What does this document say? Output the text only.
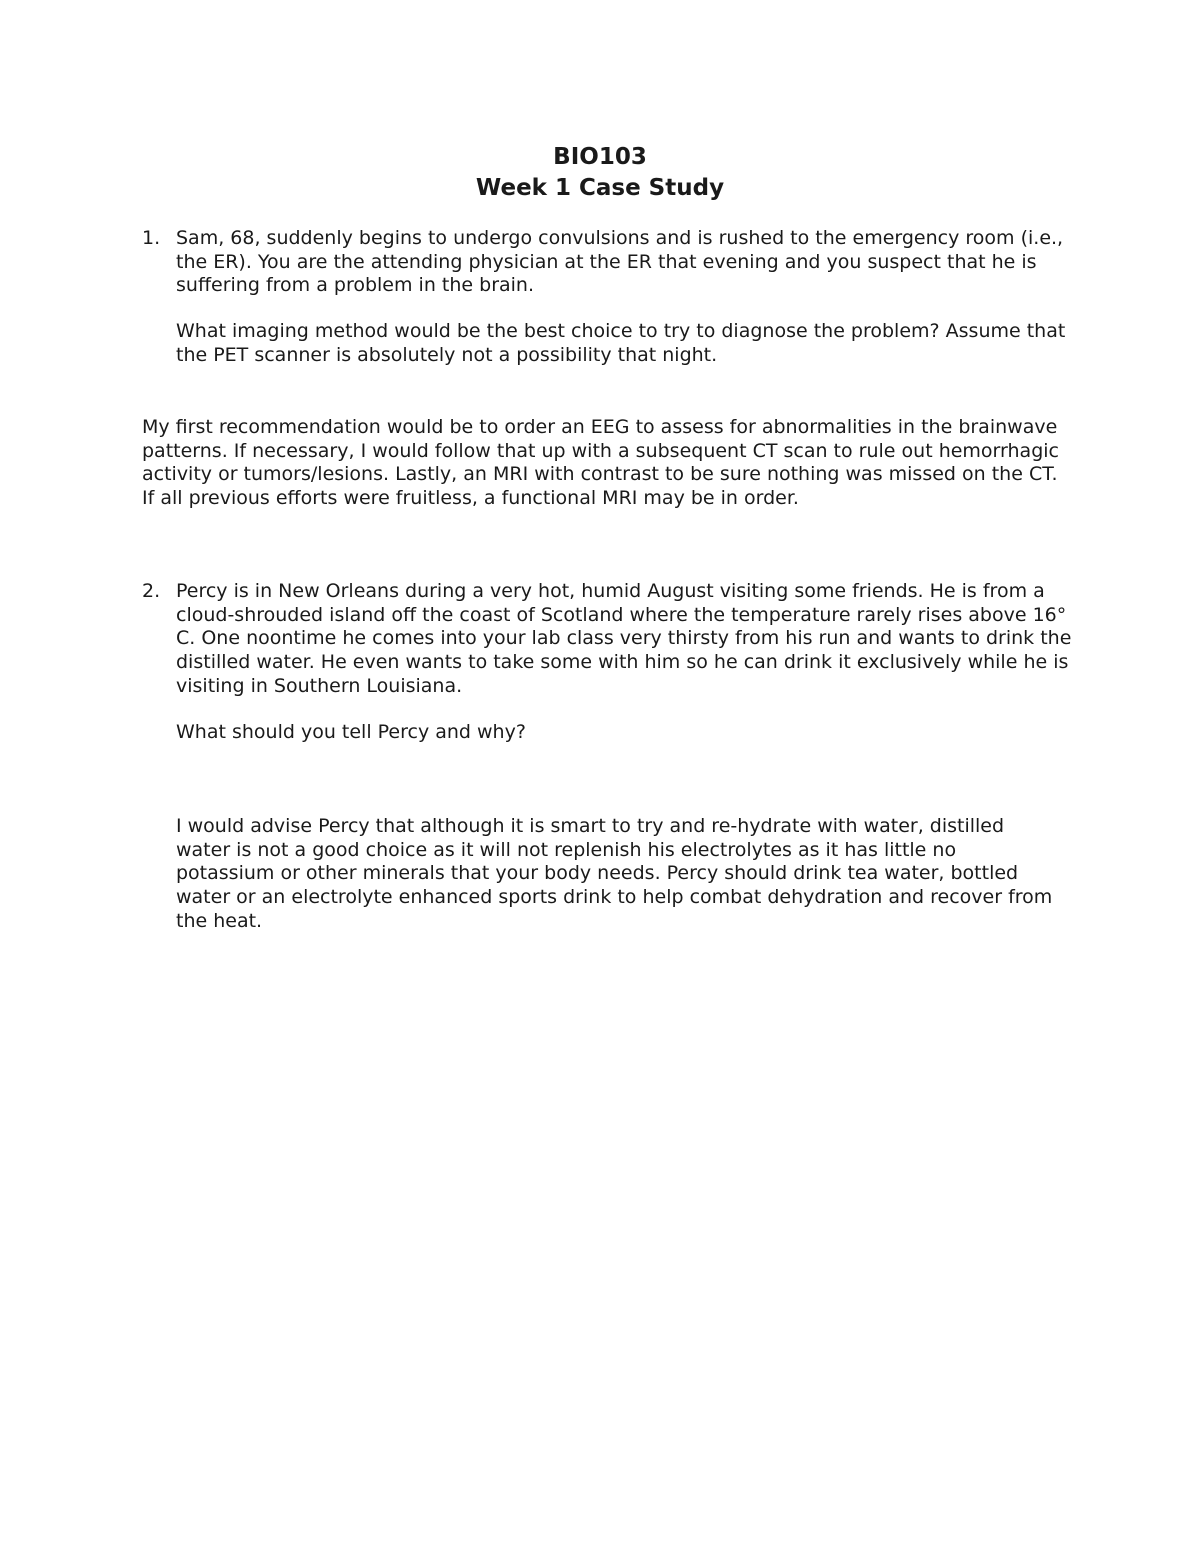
BIO103
Week 1 Case Study
1. Sam, 68, suddenly begins to undergo convulsions and is rushed to the emergency room (i.e., the ER). You are the attending physician at the ER that evening and you suspect that he is suffering from a problem in the brain.

What imaging method would be the best choice to try to diagnose the problem? Assume that the PET scanner is absolutely not a possibility that night.

My first recommendation would be to order an EEG to assess for abnormalities in the brainwave patterns. If necessary, I would follow that up with a subsequent CT scan to rule out hemorrhagic activity or tumors/lesions. Lastly, an MRI with contrast to be sure nothing was missed on the CT. If all previous efforts were fruitless, a functional MRI may be in order.

2. Percy is in New Orleans during a very hot, humid August visiting some friends. He is from a cloud-shrouded island off the coast of Scotland where the temperature rarely rises above 16° C. One noontime he comes into your lab class very thirsty from his run and wants to drink the distilled water. He even wants to take some with him so he can drink it exclusively while he is visiting in Southern Louisiana.

What should you tell Percy and why?

I would advise Percy that although it is smart to try and re-hydrate with water, distilled water is not a good choice as it will not replenish his electrolytes as it has little no potassium or other minerals that your body needs. Percy should drink tea water, bottled water or an electrolyte enhanced sports drink to help combat dehydration and recover from the heat.
